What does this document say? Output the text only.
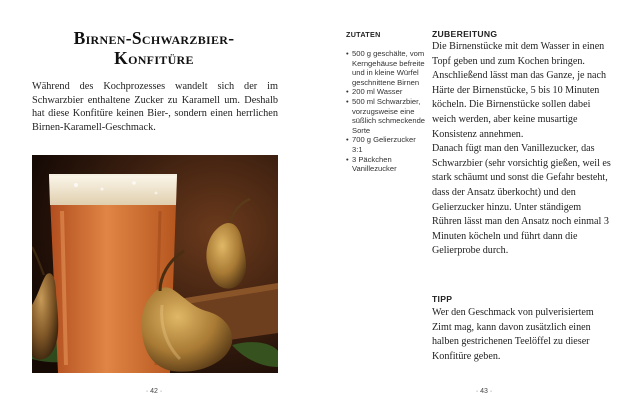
Birnen-Schwarzbier-
Konfitüre

Während des Kochprozesses wandelt sich der im Schwarzbier enthaltene Zucker zu Karamell um. Deshalb hat diese Konfitüre keinen Bier-, sondern einen herrlichen Birnen-Karamell-Geschmack.

· 42 ·
ZUTATEN
• 500 g geschälte, vom Kerngehäuse befreite und in kleine Würfel geschnittene Birnen
• 200 ml Wasser
• 500 ml Schwarzbier, vorzugsweise eine süßlich schmeckende Sorte
• 700 g Gelierzucker 3:1
• 3 Päckchen Vanillezucker
ZUBEREITUNG

Die Birnenstücke mit dem Wasser in einen Topf geben und zum Kochen bringen. Anschließend lässt man das Ganze, je nach Härte der Birnenstücke, 5 bis 10 Minuten köcheln. Die Birnenstücke sollen dabei weich werden, aber keine musartige Konsistenz annehmen.

Danach fügt man den Vanillezucker, das Schwarzbier (sehr vorsichtig gießen, weil es stark schäumt und sonst die Gefahr besteht, dass der Ansatz überkocht) und den Gelierzucker hinzu. Unter ständigem Rühren lässt man den Ansatz noch einmal 3 Minuten köcheln und führt dann die Gelierprobe durch.

TIPP

Wer den Geschmack von pulverisiertem Zimt mag, kann davon zusätzlich einen halben gestrichenen Teelöffel zu dieser Konfitüre geben.

· 43 ·
